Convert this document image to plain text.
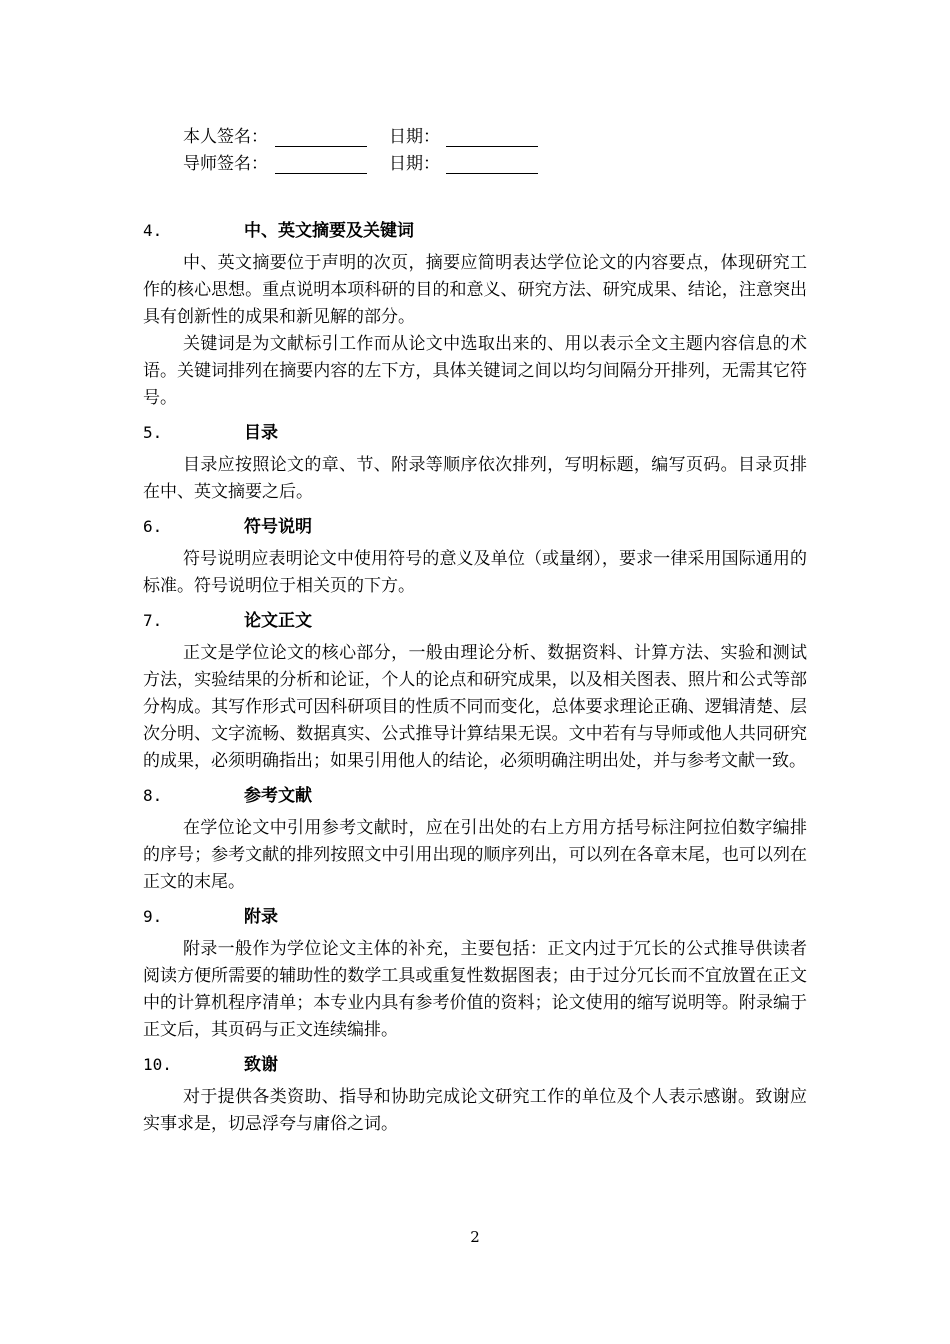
本人签名：	日期：
导师签名：	日期：
4.	中、英文摘要及关键词

中、英文摘要位于声明的次页，摘要应简明表达学位论文的内容要点，体现研究工作的核心思想。重点说明本项科研的目的和意义、研究方法、研究成果、结论，注意突出具有创新性的成果和新见解的部分。

关键词是为文献标引工作而从论文中选取出来的、用以表示全文主题内容信息的术语。关键词排列在摘要内容的左下方，具体关键词之间以均匀间隔分开排列，无需其它符号。

5.	目录

目录应按照论文的章、节、附录等顺序依次排列，写明标题，编写页码。目录页排在中、英文摘要之后。

6.	符号说明

符号说明应表明论文中使用符号的意义及单位（或量纲），要求一律采用国际通用的标准。符号说明位于相关页的下方。

7.	论文正文

正文是学位论文的核心部分，一般由理论分析、数据资料、计算方法、实验和测试方法，实验结果的分析和论证，个人的论点和研究成果，以及相关图表、照片和公式等部分构成。其写作形式可因科研项目的性质不同而变化，总体要求理论正确、逻辑清楚、层次分明、文字流畅、数据真实、公式推导计算结果无误。文中若有与导师或他人共同研究的成果，必须明确指出；如果引用他人的结论，必须明确注明出处，并与参考文献一致。

8.	参考文献

在学位论文中引用参考文献时，应在引出处的右上方用方括号标注阿拉伯数字编排的序号；参考文献的排列按照文中引用出现的顺序列出，可以列在各章末尾，也可以列在正文的末尾。

9.	附录

附录一般作为学位论文主体的补充，主要包括：正文内过于冗长的公式推导供读者阅读方便所需要的辅助性的数学工具或重复性数据图表；由于过分冗长而不宜放置在正文中的计算机程序清单；本专业内具有参考价值的资料；论文使用的缩写说明等。附录编于正文后，其页码与正文连续编排。

10.	致谢

对于提供各类资助、指导和协助完成论文研究工作的单位及个人表示感谢。致谢应实事求是，切忌浮夸与庸俗之词。

2
